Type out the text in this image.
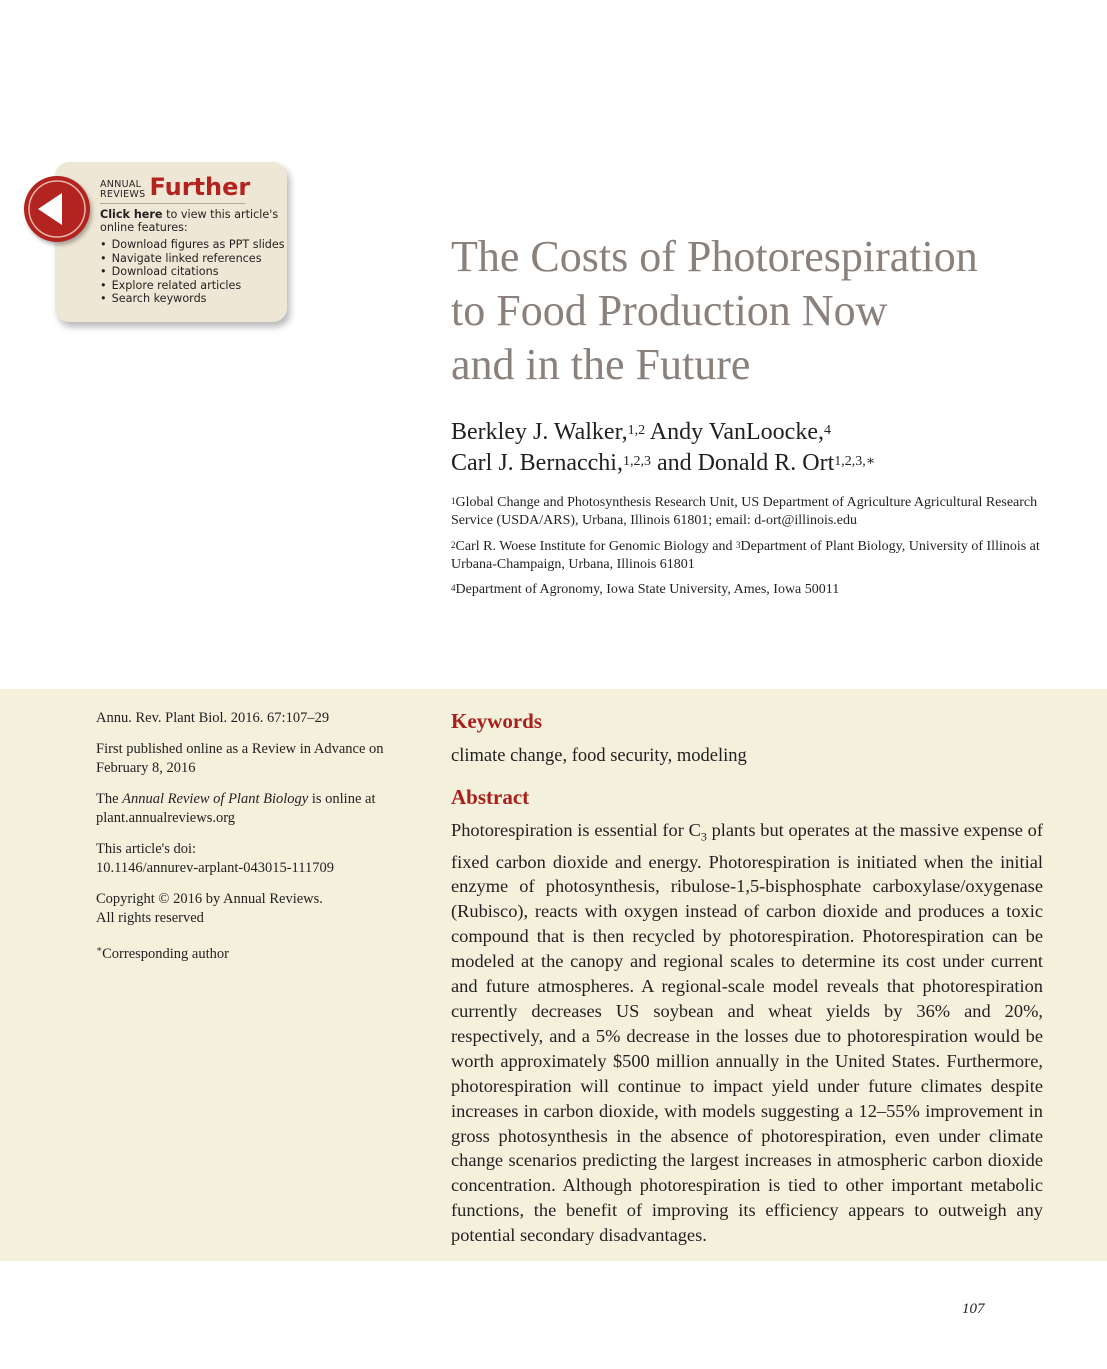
ANNUAL
REVIEWS Further
Click here to view this article's
online features:
• Download figures as PPT slides
• Navigate linked references
• Download citations
• Explore related articles
• Search keywords
The Costs of Photorespiration
to Food Production Now
and in the Future
Berkley J. Walker,$^{1,2}$ Andy VanLoocke,$^4$
Carl J. Bernacchi,$^{1,2,3}$ and Donald R. Ort$^{1,2,3,∗}$
$^1$Global Change and Photosynthesis Research Unit, US Department of Agriculture Agricultural Research Service (USDA/ARS), Urbana, Illinois 61801; email: d-ort@illinois.edu
$^2$Carl R. Woese Institute for Genomic Biology and $^3$Department of Plant Biology, University of Illinois at Urbana-Champaign, Urbana, Illinois 61801
$^4$Department of Agronomy, Iowa State University, Ames, Iowa 50011

Annu. Rev. Plant Biol. 2016. 67:107–29

First published online as a Review in Advance on
February 8, 2016

The Annual Review of Plant Biology is online at
plant.annualreviews.org

This article's doi:
10.1146/annurev-arplant-043015-111709

Copyright © 2016 by Annual Reviews.
All rights reserved

∗Corresponding author

Keywords
climate change, food security, modeling
Abstract

Photorespiration is essential for $C_3$ plants but operates at the massive expense of fixed carbon dioxide and energy. Photorespiration is initiated when the initial enzyme of photosynthesis, ribulose-1,5-bisphosphate carboxylase/​oxygenase (Rubisco), reacts with oxygen instead of carbon dioxide and produces a toxic compound that is then recycled by photorespiration. Photorespiration can be modeled at the canopy and regional scales to determine its cost under current and future atmospheres. A regional-scale model reveals that photorespiration currently decreases US soybean and wheat yields by 36% and 20%, respectively, and a 5% decrease in the losses due to photorespiration would be worth approximately $500 million annually in the United States. Furthermore, photorespiration will continue to impact yield under future climates despite increases in carbon dioxide, with models suggesting a 12–55% improvement in gross photosynthesis in the absence of photorespiration, even under climate change scenarios predicting the largest increases in atmospheric carbon dioxide concentration. Although photorespiration is tied to other important metabolic functions, the benefit of improving its efficiency appears to outweigh any potential secondary disadvantages.

107
